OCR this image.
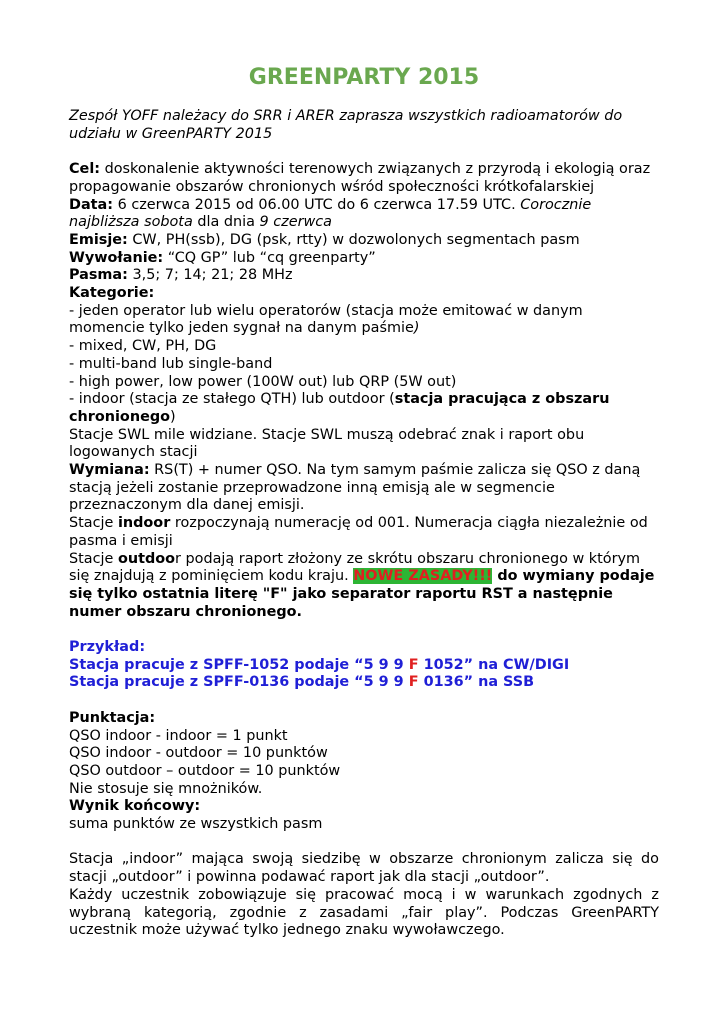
GREENPARTY 2015

Zespół YOFF należacy do SRR i ARER zaprasza wszystkich radioamatorów do udziału w GreenPARTY 2015

Cel: doskonalenie aktywności terenowych związanych z przyrodą i ekologią oraz propagowanie obszarów chronionych wśród społeczności krótkofalarskiej

Data: 6 czerwca 2015 od 06.00 UTC do 6 czerwca 17.59 UTC. Corocznie najbliższa sobota dla dnia 9 czerwca

Emisje: CW, PH(ssb), DG (psk, rtty) w dozwolonych segmentach pasm

Wywołanie: “CQ GP” lub “cq greenparty”

Pasma: 3,5; 7; 14; 21; 28 MHz

Kategorie:

- jeden operator lub wielu operatorów (stacja może emitować w danym momencie tylko jeden sygnał na danym paśmie)

- mixed, CW, PH, DG

- multi-band lub single-band

- high power, low power (100W out) lub QRP (5W out)

- indoor (stacja ze stałego QTH) lub outdoor (stacja pracująca z obszaru chronionego)

Stacje SWL mile widziane. Stacje SWL muszą odebrać znak i raport obu logowanych stacji

Wymiana: RS(T) + numer QSO. Na tym samym paśmie zalicza się QSO z daną stacją jeżeli zostanie przeprowadzone inną emisją ale w segmencie przeznaczonym dla danej emisji.

Stacje indoor rozpoczynają numerację od 001. Numeracja ciągła niezależnie od pasma i emisji

Stacje outdoor podają raport złożony ze skrótu obszaru chronionego w którym się znajdują z pominięciem kodu kraju. NOWE ZASADY!!! do wymiany podaje się tylko ostatnia literę "F" jako separator raportu RST a następnie numer obszaru chronionego.

Przykład:

Stacja pracuje z SPFF-1052 podaje “5 9 9 F 1052” na CW/DIGI

Stacja pracuje z SPFF-0136 podaje “5 9 9 F 0136” na SSB

Punktacja:

QSO indoor - indoor = 1 punkt

QSO indoor - outdoor = 10 punktów

QSO outdoor – outdoor = 10 punktów

Nie stosuje się mnożników.

Wynik końcowy:

suma punktów ze wszystkich pasm

Stacja „indoor” mająca swoją siedzibę w obszarze chronionym zalicza się do stacji „outdoor” i powinna podawać raport jak dla stacji „outdoor”.

Każdy uczestnik zobowiązuje się pracować mocą i w warunkach zgodnych z wybraną kategorią, zgodnie z zasadami „fair play”. Podczas GreenPARTY uczestnik może używać tylko jednego znaku wywoławczego.
